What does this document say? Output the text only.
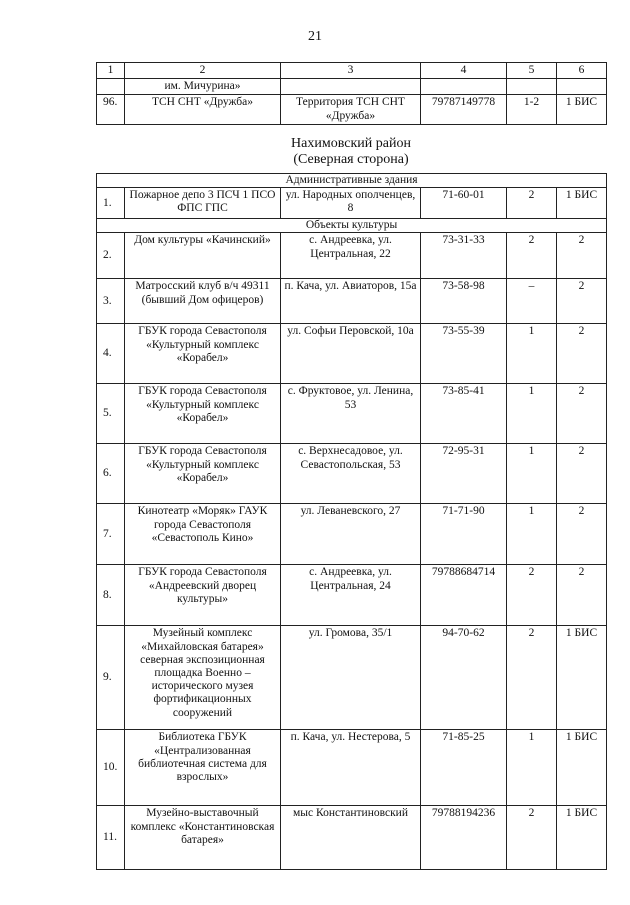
21
1	2	3	4	5	6
	им. Мичурина»				
96.	ТСН СНТ «Дружба»	Территория ТСН СНТ «Дружба»	79787149778	1-2	1 БИС
Нахимовский район
(Северная сторона)
Административные здания					
1.	Пожарное депо 3 ПСЧ 1 ПСО ФПС ГПС	ул. Народных ополченцев, 8	71-60-01	2	1 БИС
Объекты культуры					
2.	Дом культуры «Качинский»	с. Андреевка, ул. Центральная, 22	73-31-33	2	2
3.	Матросский клуб в/ч 49311 (бывший Дом офицеров)	п. Кача, ул. Авиаторов, 15а	73-58-98	–	2
4.	ГБУК города Севастополя «Культурный комплекс «Корабел»	ул. Софьи Перовской, 10а	73-55-39	1	2
5.	ГБУК города Севастополя «Культурный комплекс «Корабел»	с. Фруктовое, ул. Ленина, 53	73-85-41	1	2
6.	ГБУК города Севастополя «Культурный комплекс «Корабел»	с. Верхнесадовое, ул. Севастопольская, 53	72-95-31	1	2
7.	Кинотеатр «Моряк» ГАУК города Севастополя «Севастополь Кино»	ул. Леваневского, 27	71-71-90	1	2
8.	ГБУК города Севастополя «Андреевский дворец культуры»	с. Андреевка, ул. Центральная, 24	79788684714	2	2
9.	Музейный комплекс «Михайловская батарея» северная экспозиционная площадка Военно – исторического музея фортификационных сооружений	ул. Громова, 35/1	94-70-62	2	1 БИС
10.	Библиотека ГБУК «Централизованная библиотечная система для взрослых»	п. Кача, ул. Нестерова, 5	71-85-25	1	1 БИС
11.	Музейно-выставочный комплекс «Константиновская батарея»	мыс Константиновский	79788194236	2	1 БИС
